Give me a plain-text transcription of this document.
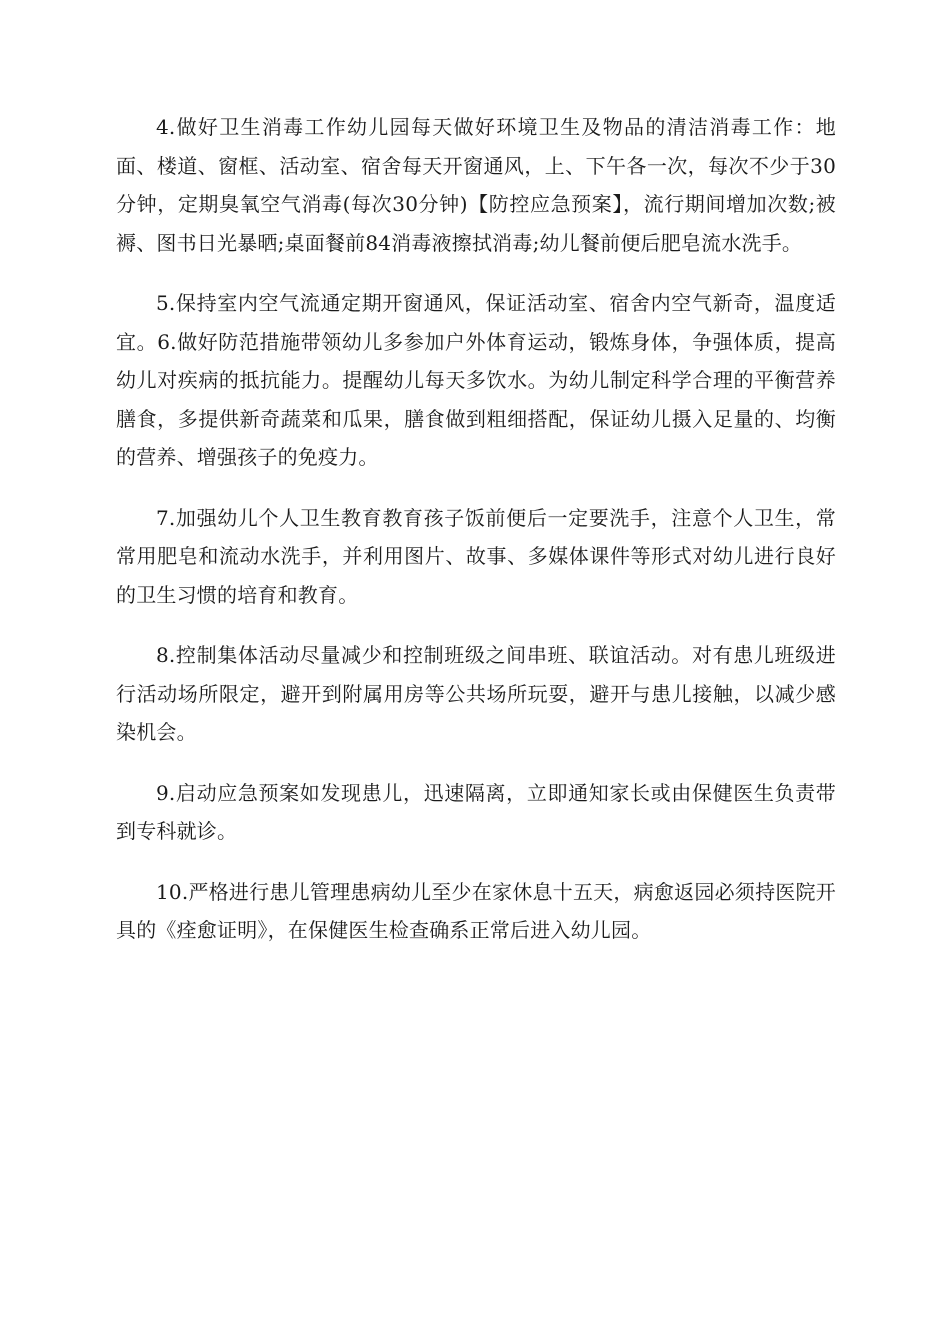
4.做好卫生消毒工作幼儿园每天做好环境卫生及物品的清洁消毒工作：地面、楼道、窗框、活动室、宿舍每天开窗通风，上、下午各一次，每次不少于30分钟，定期臭氧空气消毒(每次30分钟)【防控应急预案】，流行期间增加次数;被褥、图书日光暴晒;桌面餐前84消毒液擦拭消毒;幼儿餐前便后肥皂流水洗手。

5.保持室内空气流通定期开窗通风，保证活动室、宿舍内空气新奇，温度适宜。6.做好防范措施带领幼儿多参加户外体育运动，锻炼身体，争强体质，提高幼儿对疾病的抵抗能力。提醒幼儿每天多饮水。为幼儿制定科学合理的平衡营养膳食，多提供新奇蔬菜和瓜果，膳食做到粗细搭配，保证幼儿摄入足量的、均衡的营养、增强孩子的免疫力。

7.加强幼儿个人卫生教育教育孩子饭前便后一定要洗手，注意个人卫生，常常用肥皂和流动水洗手，并利用图片、故事、多媒体课件等形式对幼儿进行良好的卫生习惯的培育和教育。

8.控制集体活动尽量减少和控制班级之间串班、联谊活动。对有患儿班级进行活动场所限定，避开到附属用房等公共场所玩耍，避开与患儿接触，以减少感染机会。

9.启动应急预案如发现患儿，迅速隔离，立即通知家长或由保健医生负责带到专科就诊。

10.严格进行患儿管理患病幼儿至少在家休息十五天，病愈返园必须持医院开具的《痊愈证明》，在保健医生检查确系正常后进入幼儿园。
